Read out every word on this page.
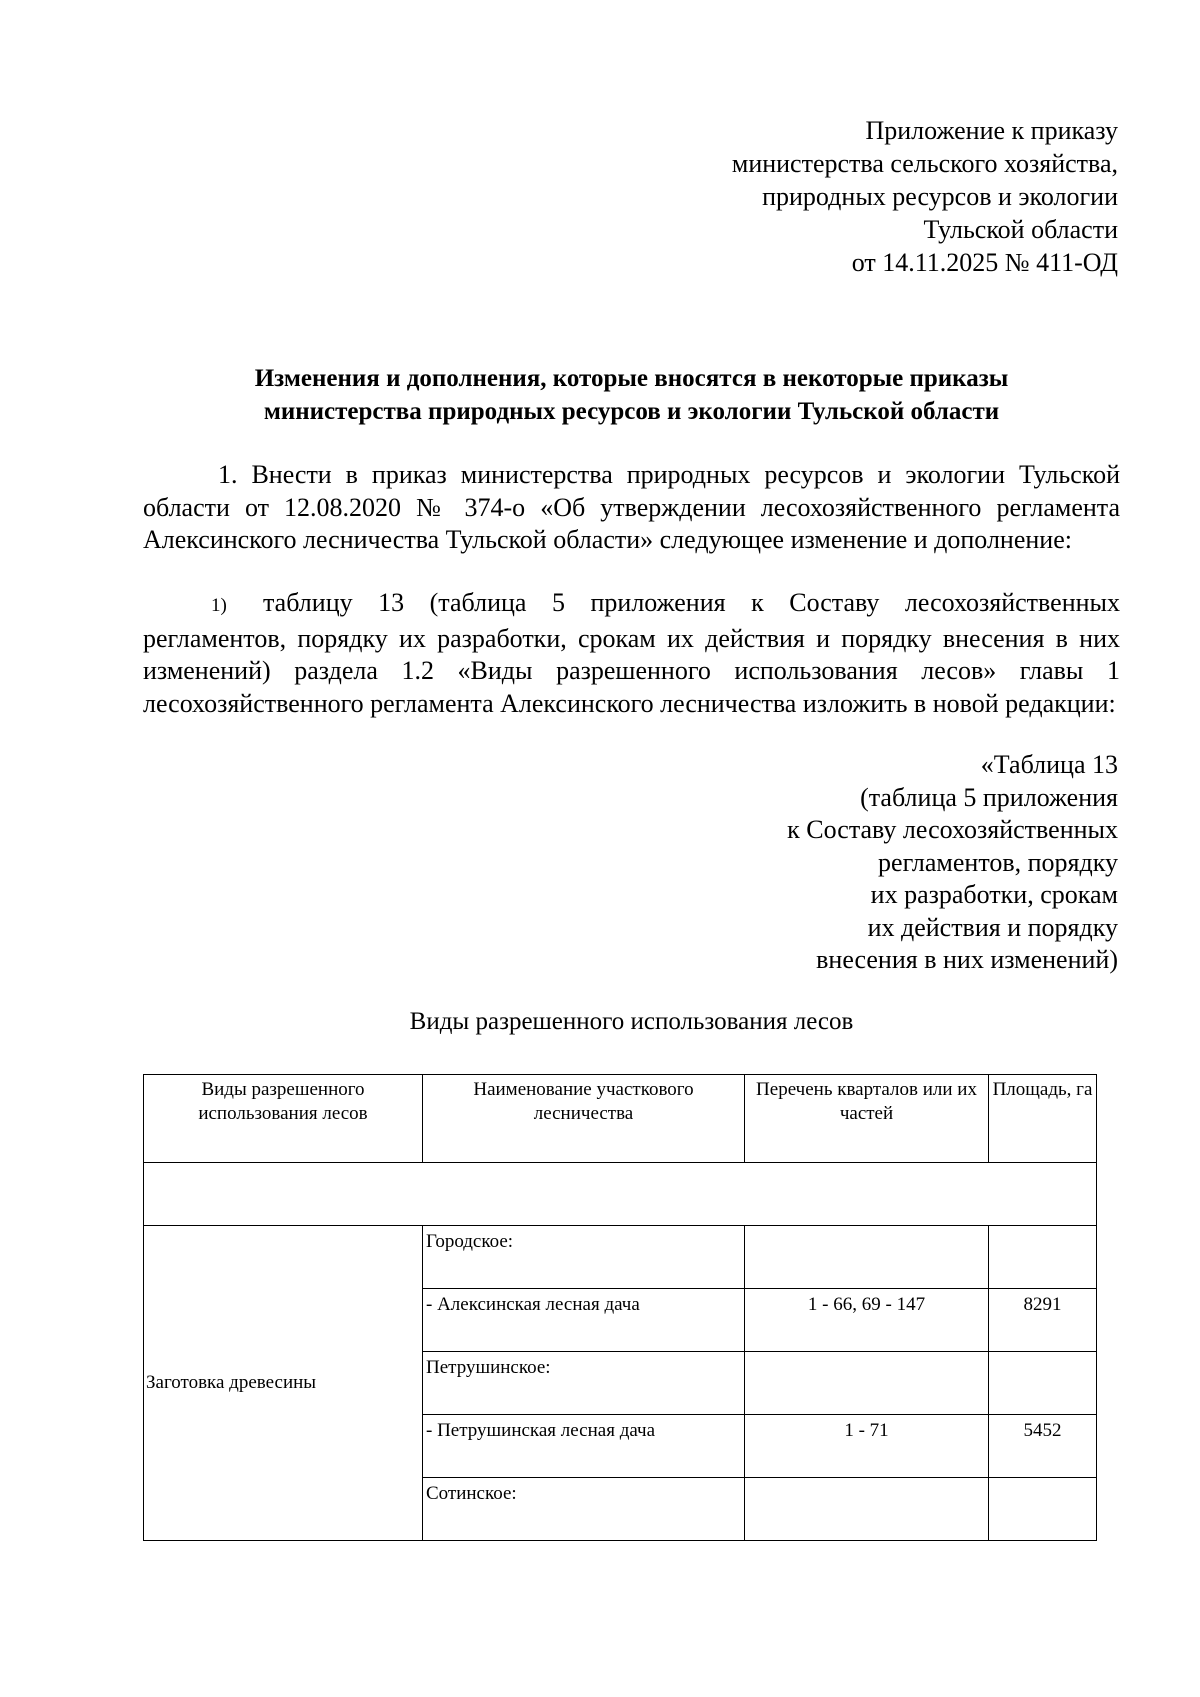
Приложение к приказу
министерства сельского хозяйства,
природных ресурсов и экологии
Тульской области
от 14.11.2025 № 411-ОД
Изменения и дополнения, которые вносятся в некоторые приказы
министерства природных ресурсов и экологии Тульской области
1. Внести в приказ министерства природных ресурсов и экологии Тульской области от 12.08.2020 № 374-о «Об утверждении лесохозяйственного регламента Алексинского лесничества Тульской области» следующее изменение и дополнение:
1) таблицу 13 (таблица 5 приложения к Составу лесохозяйственных регламентов, порядку их разработки, срокам их действия и порядку внесения в них изменений) раздела 1.2 «Виды разрешенного использования лесов» главы 1 лесохозяйственного регламента Алексинского лесничества изложить в новой редакции:
«Таблица 13
(таблица 5 приложения
к Составу лесохозяйственных
регламентов, порядку
их разработки, срокам
их действия и порядку
внесения в них изменений)
Виды разрешенного использования лесов
Виды разрешенного использования лесов	Наименование участкового лесничества	Перечень кварталов или их частей	Площадь, га

Заготовка древесины	Городское:		
	- Алексинская лесная дача	1 - 66, 69 - 147	8291
	Петрушинское:		
	- Петрушинская лесная дача	1 - 71	5452
	Сотинское:		
